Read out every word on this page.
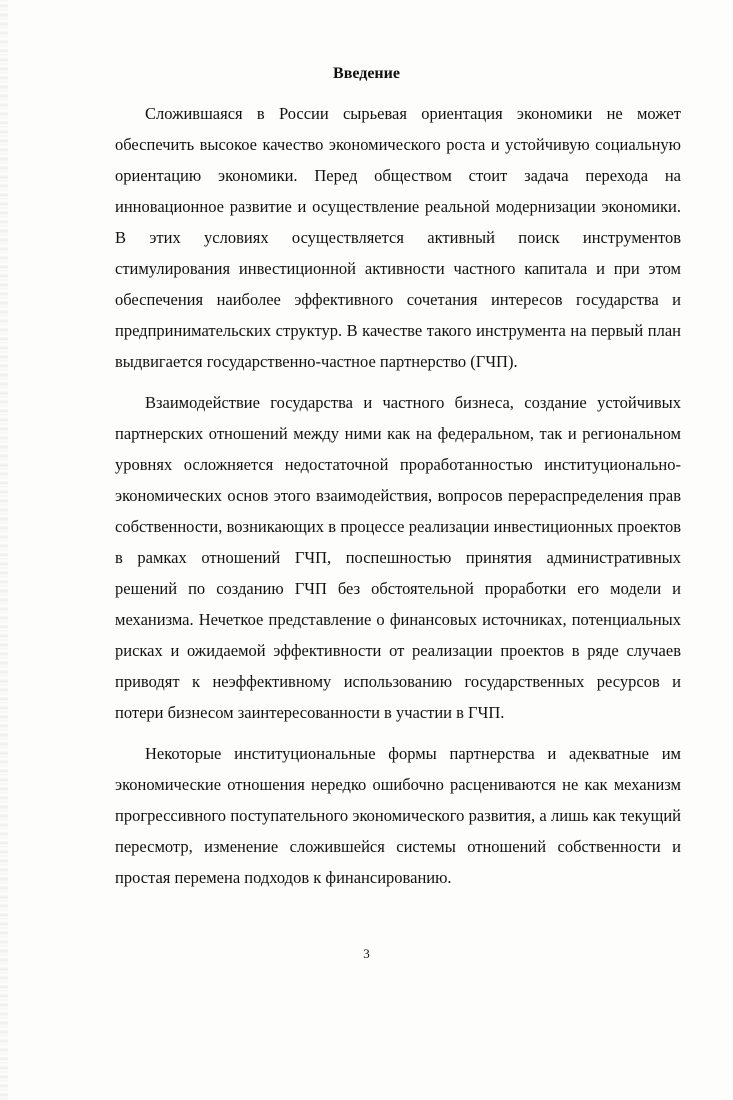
Введение

Сложившаяся в России сырьевая ориентация экономики не может обеспечить высокое качество экономического роста и устойчивую социальную ориентацию экономики. Перед обществом стоит задача перехода на инновационное развитие и осуществление реальной модернизации экономики. В этих условиях осуществляется активный поиск инструментов стимулирования инвестиционной активности частного капитала и при этом обеспечения наиболее эффективного сочетания интересов государства и предпринимательских структур. В качестве такого инструмента на первый план выдвигается государственно-частное партнерство (ГЧП).

Взаимодействие государства и частного бизнеса, создание устойчивых партнерских отношений между ними как на федеральном, так и региональном уровнях осложняется недостаточной проработанностью институционально-экономических основ этого взаимодействия, вопросов перераспределения прав собственности, возникающих в процессе реализации инвестиционных проектов в рамках отношений ГЧП, поспешностью принятия административных решений по созданию ГЧП без обстоятельной проработки его модели и механизма. Нечеткое представление о финансовых источниках, потенциальных рисках и ожидаемой эффективности от реализации проектов в ряде случаев приводят к неэффективному использованию государственных ресурсов и потери бизнесом заинтересованности в участии в ГЧП.

Некоторые институциональные формы партнерства и адекватные им экономические отношения нередко ошибочно расцениваются не как механизм прогрессивного поступательного экономического развития, а лишь как текущий пересмотр, изменение сложившейся системы отношений собственности и простая перемена подходов к финансированию.

3
